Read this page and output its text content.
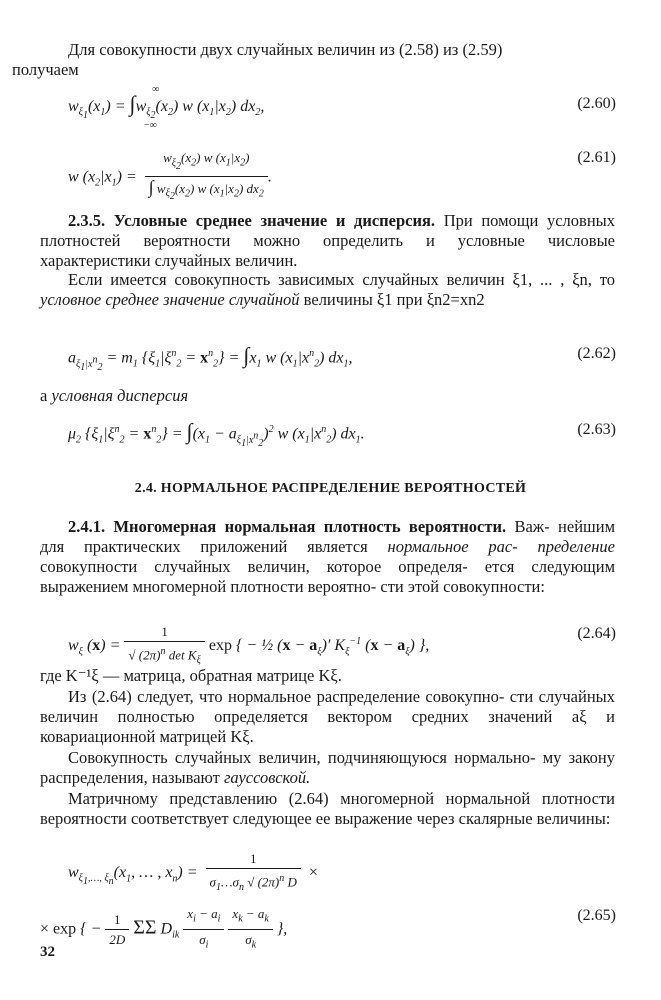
Для совокупности двух случайных величин из (2.58) из (2.59)
получаем
$w_{\xi_1}(x_1) = \int w_{\xi_2}(x_2)$ w $(x_1|x_2)$ $dx_2$,
∞
−∞
(2.60)
w $(x_2|x_1) = \frac{w_{\xi_2}(x_2) w (x_1|x_2)}{\int w_{\xi_2}(x_2) w (x_1|x_2) dx_2}$ .
(2.61)
2.3.5. Условные среднее значение и дисперсия. При помощи условных плотностей вероятности можно определить и условные числовые характеристики случайных величин.
Если имеется совокупность зависимых случайных величин ξ1, ... , ξn, то условное среднее значение случайной величины ξ1 при ξn2=xn2
$a_{\xi_1|x^n_2} = m_1$ $\{\xi_1|\xi^n_2 = x^n_2\} = \int x_1$ w $(x_1|x^n_2)$ $dx_1$,	(2.62)
а условная дисперсия
$\mu_2$ $\{\xi_1|\xi^n_2 = x^n_2\} = \int(x_1 - a_{\xi_1|x^n_2})^2$ w $(x_1|x^n_2)$ $dx_1$.	(2.63)
2.4. НОРМАЛЬНОЕ РАСПРЕДЕЛЕНИЕ ВЕРОЯТНОСТЕЙ
2.4.1. Многомерная нормальная плотность вероятности. Важ- нейшим для практических приложений является нормальное рас- пределение совокупности случайных величин, которое определя- ется следующим выражением многомерной плотности вероятно- сти этой совокупности:
$w_\xi$ $(x) = \frac{1}{√ (2\pi)^n \det K_\xi}$ exp { − ½ $(x - a_\xi)'$ $K_\xi^{-1}$ $(x - a_\xi)$ },
(2.64)
где K⁻¹ξ — матрица, обратная матрице Kξ.
Из (2.64) следует, что нормальное распределение совокупно- сти случайных величин полностью определяется вектором средних значений aξ и ковариационной матрицей Kξ.
Совокупность случайных величин, подчиняющуюся нормально- му закону распределения, называют гауссовской.
Матричному представлению (2.64) многомерной нормальной плотности вероятности соответствует следующее ее выражение через скалярные величины:
$w_{\xi_1,\dots, \xi_n}(x_1$, … , $x_n) = \frac{1}{\sigma_1\dots\sigma_n √ (2\pi)^n D}$ ×
× exp { − $\frac{1}{2D}$ ΣΣ $D_{ik} \frac{x_i - a_i}{\sigma_i}$
$\frac{x_k - a_k}{\sigma_k}$ },
(2.65)
32
